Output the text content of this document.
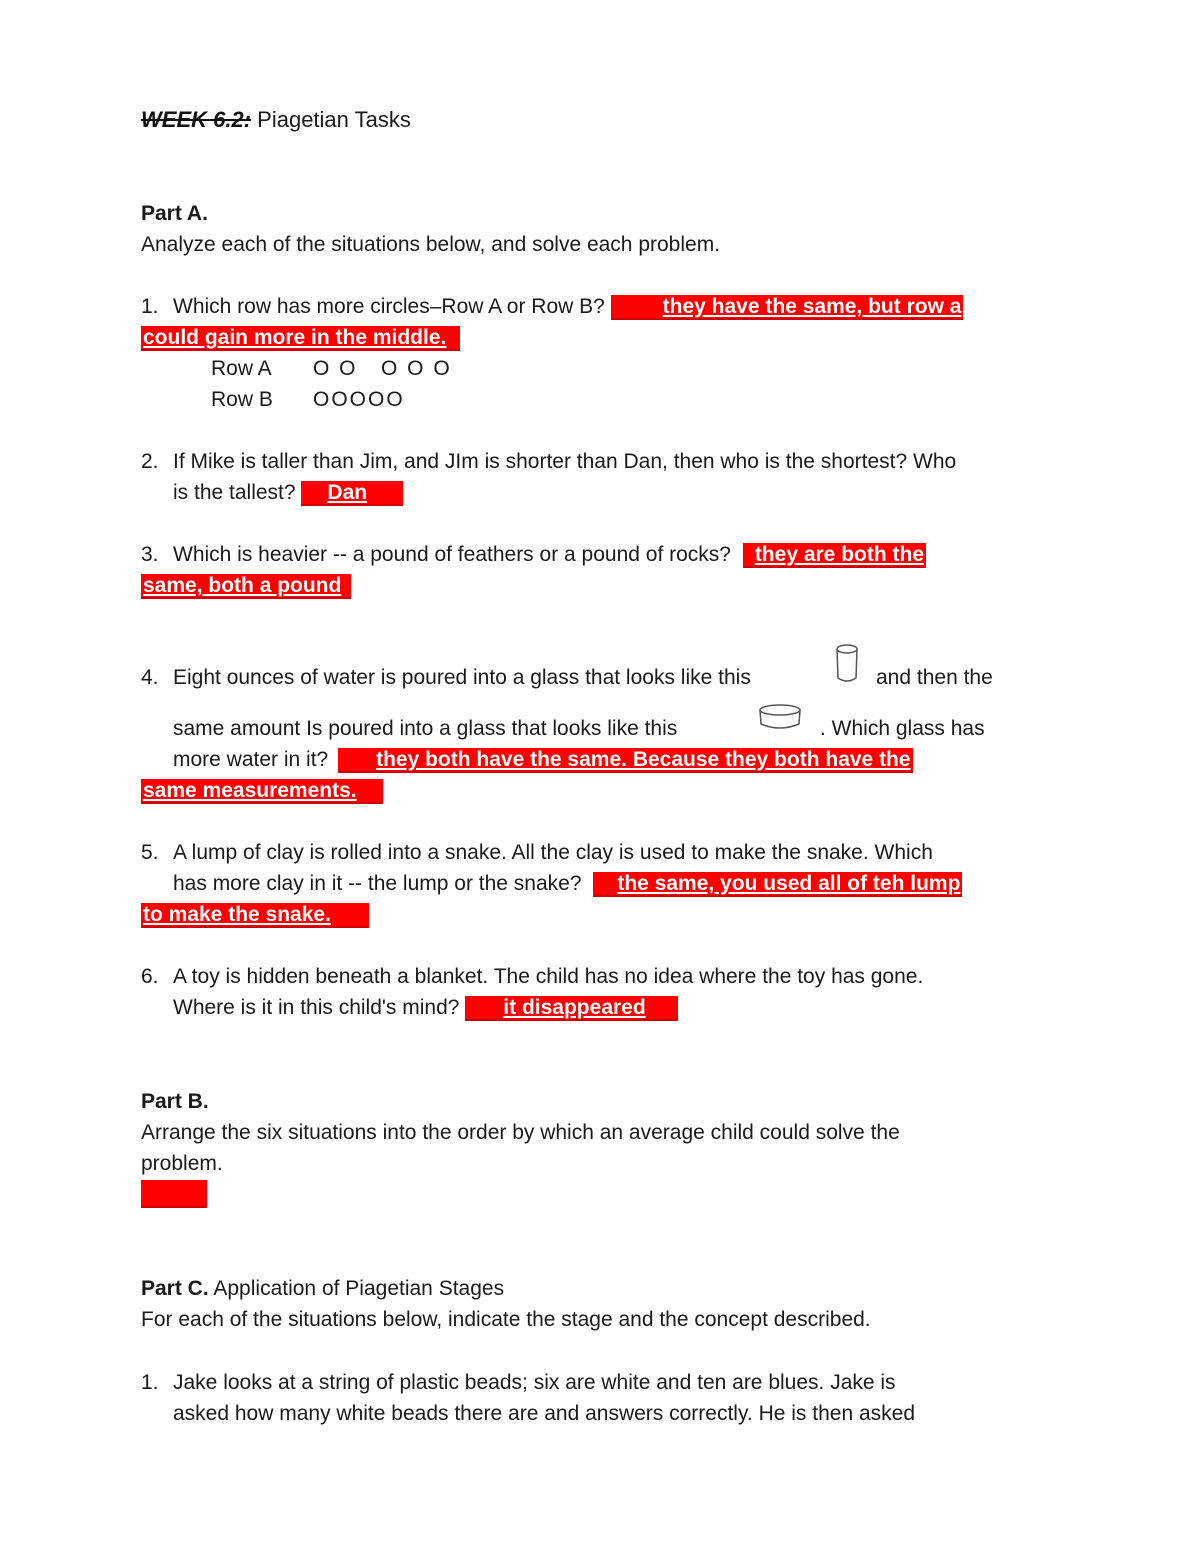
WEEK 6.2: Piagetian Tasks
Part A.
Analyze each of the situations below, and solve each problem.
1. Which row has more circles–Row A or Row B?	they have the same, but row a
could gain more in the middle.
Row A O O   O O O
Row B OOOOO
2. If Mike is taller than Jim, and JIm is shorter than Dan, then who is the shortest? Who
is the tallest? Dan
3. Which is heavier -- a pound of feathers or a pound of rocks? they are both the
same, both a pound
4. Eight ounces of water is poured into a glass that looks like this	and then the
same amount Is poured into a glass that looks like this	. Which glass has
more water in it? they both have the same. Because they both have the
same measurements.
5. A lump of clay is rolled into a snake. All the clay is used to make the snake. Which
has more clay in it -- the lump or the snake? the same, you used all of teh lump
to make the snake.
6. A toy is hidden beneath a blanket. The child has no idea where the toy has gone.
Where is it in this child's mind? it disappeared
Part B.
Arrange the six situations into the order by which an average child could solve the
problem.
Part C. Application of Piagetian Stages
For each of the situations below, indicate the stage and the concept described.
1. Jake looks at a string of plastic beads; six are white and ten are blues. Jake is
asked how many white beads there are and answers correctly. He is then asked
